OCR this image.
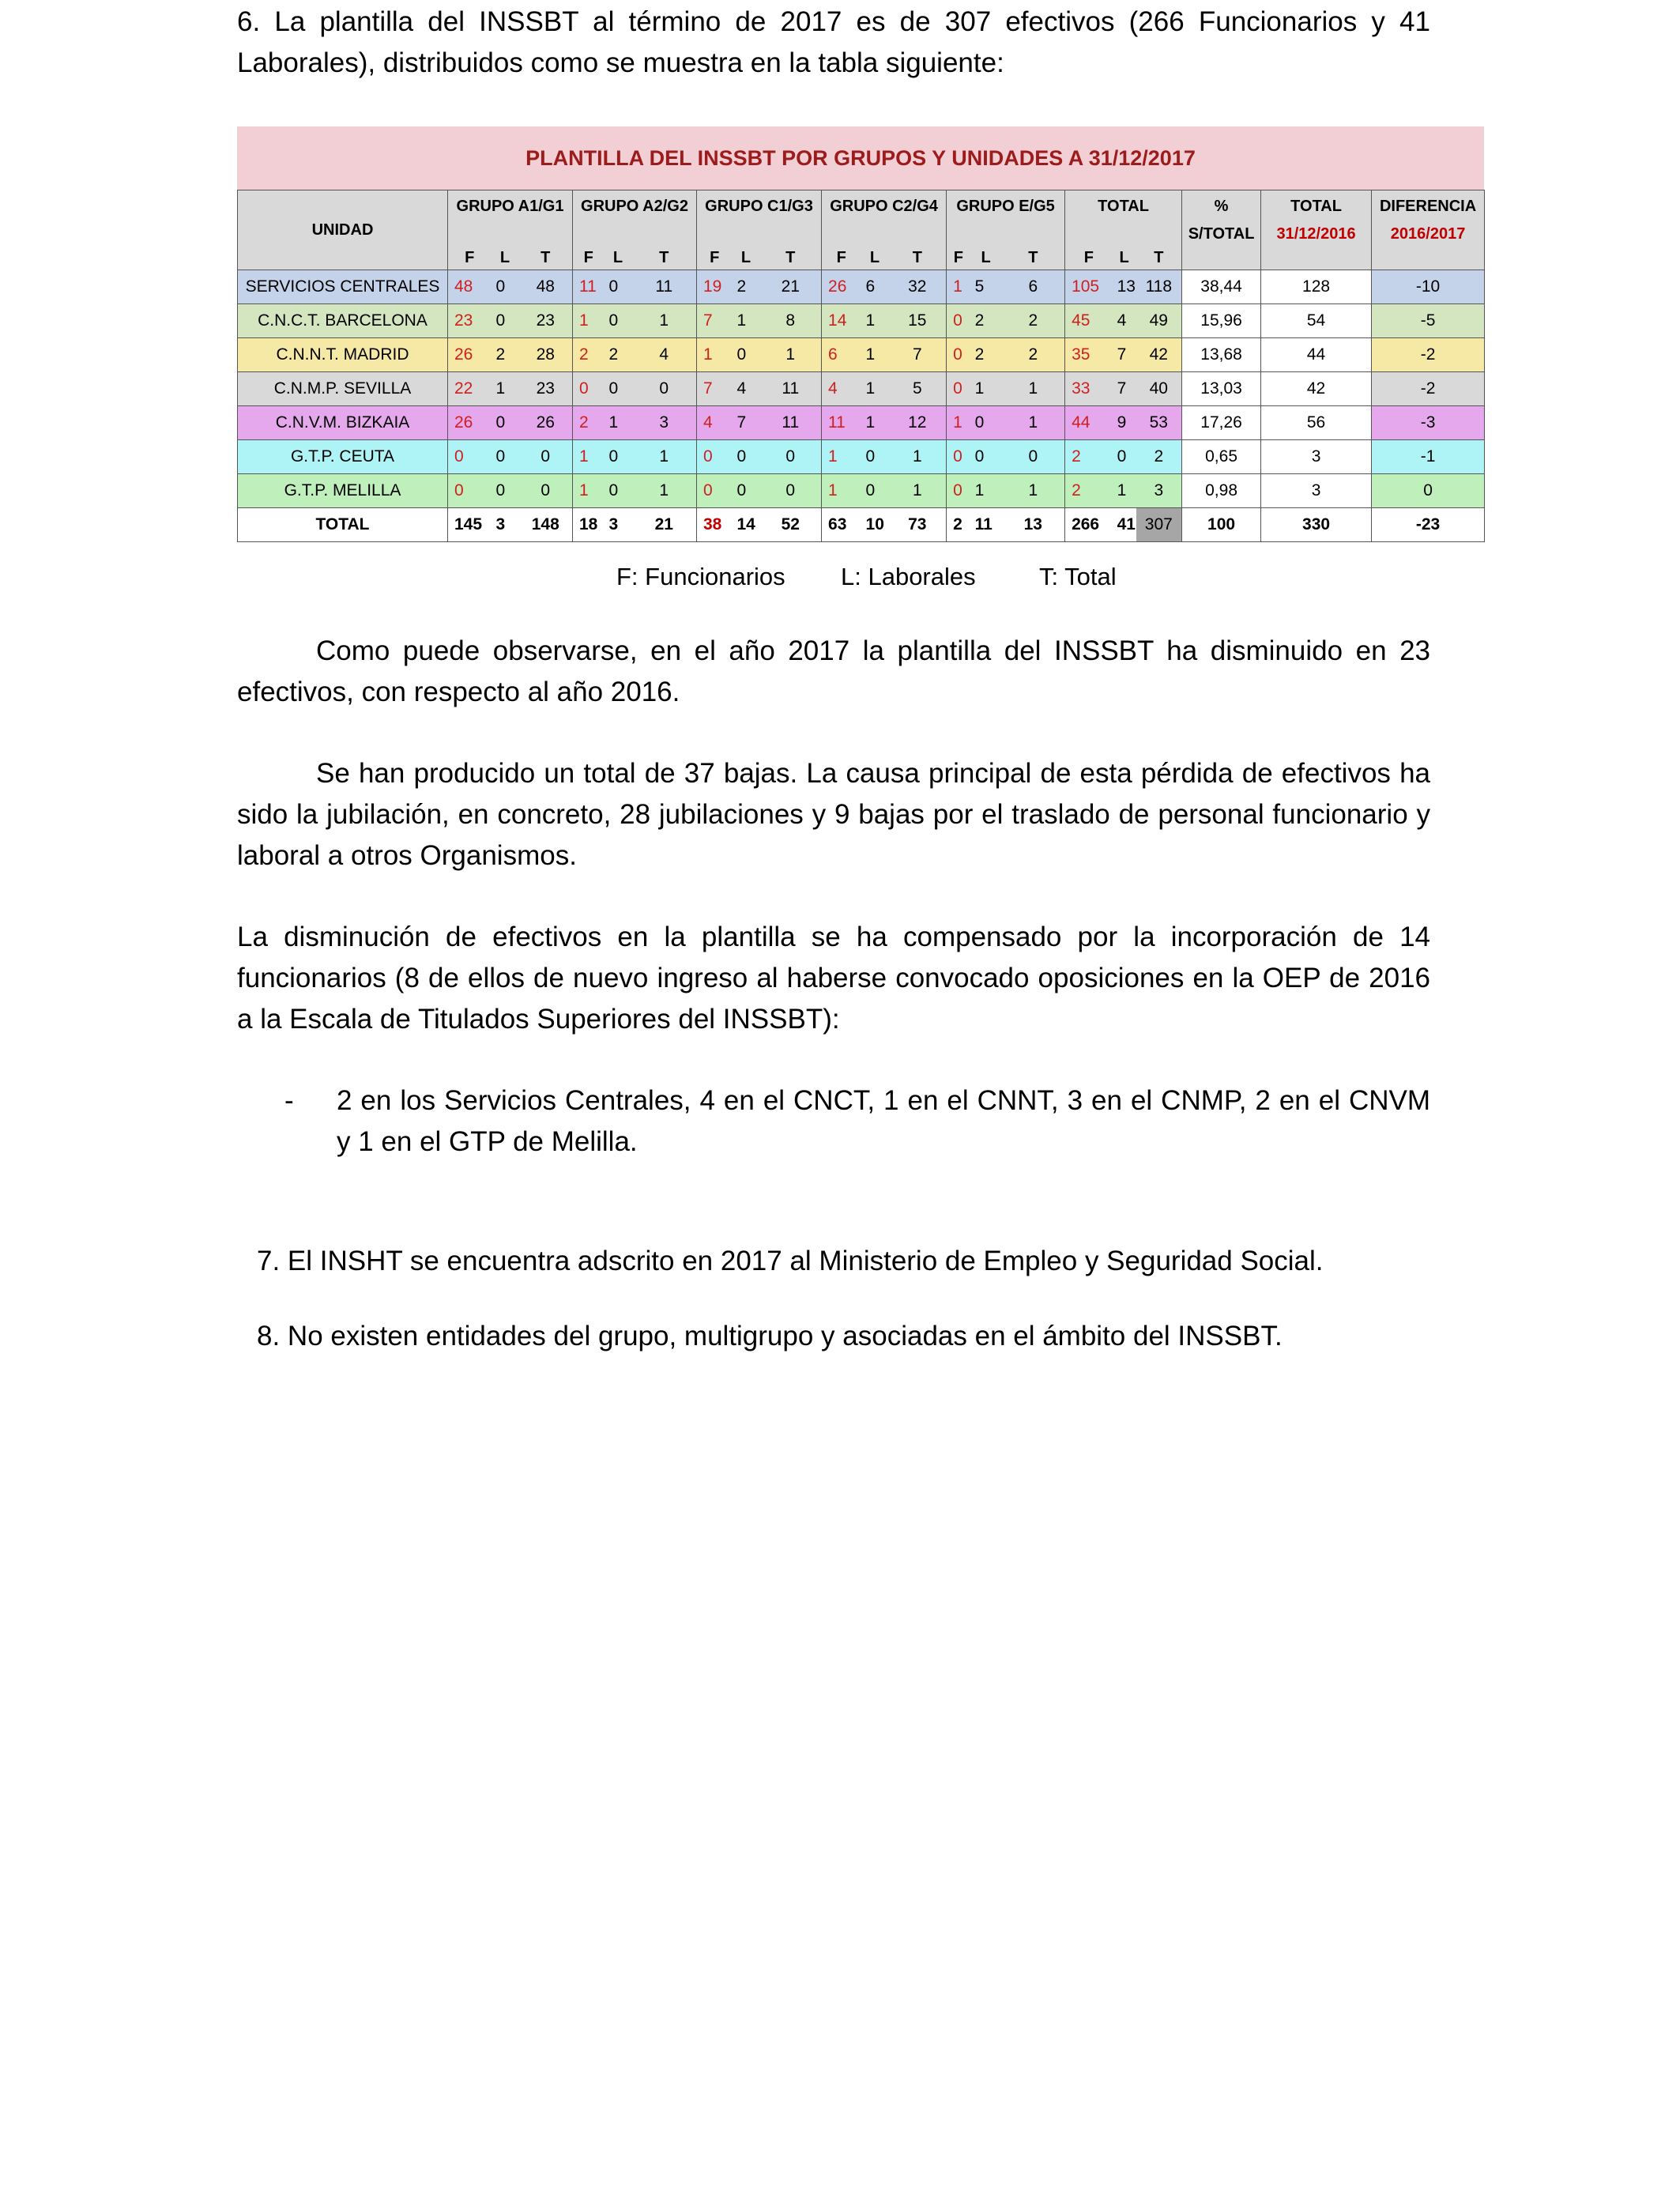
6. La plantilla del INSSBT al término de 2017 es de 307 efectivos (266 Funcionarios y 41 Laborales), distribuidos como se muestra en la tabla siguiente:
PLANTILLA DEL INSSBT POR GRUPOS Y UNIDADES A 31/12/2017
UNIDAD	GRUPO A1/G1			GRUPO A2/G2			GRUPO C1/G3			GRUPO C2/G4			GRUPO E/G5			TOTAL			%	TOTAL	DIFERENCIA
																			S/TOTAL	31/12/2016	2016/2017
	F	L	T	F	L	T	F	L	T	F	L	T	F	L	T	F	L	T			
SERVICIOS CENTRALES	48	0	48	11	0	11	19	2	21	26	6	32	1	5	6	105	13	118	38,44	128	-10
C.N.C.T. BARCELONA	23	0	23	1	0	1	7	1	8	14	1	15	0	2	2	45	4	49	15,96	54	-5
C.N.N.T. MADRID	26	2	28	2	2	4	1	0	1	6	1	7	0	2	2	35	7	42	13,68	44	-2
C.N.M.P. SEVILLA	22	1	23	0	0	0	7	4	11	4	1	5	0	1	1	33	7	40	13,03	42	-2
C.N.V.M. BIZKAIA	26	0	26	2	1	3	4	7	11	11	1	12	1	0	1	44	9	53	17,26	56	-3
G.T.P. CEUTA	0	0	0	1	0	1	0	0	0	1	0	1	0	0	0	2	0	2	0,65	3	-1
G.T.P. MELILLA	0	0	0	1	0	1	0	0	0	1	0	1	0	1	1	2	1	3	0,98	3	0
TOTAL	145	3	148	18	3	21	38	14	52	63	10	73	2	11	13	266	41	307	100	330	-23
F: Funcionarios L: Laborales	T: Total
Como puede observarse, en el año 2017 la plantilla del INSSBT ha disminuido en 23 efectivos, con respecto al año 2016.
Se han producido un total de 37 bajas. La causa principal de esta pérdida de efectivos ha sido la jubilación, en concreto, 28 jubilaciones y 9 bajas por el traslado de personal funcionario y laboral a otros Organismos.
La disminución de efectivos en la plantilla se ha compensado por la incorporación de 14 funcionarios (8 de ellos de nuevo ingreso al haberse convocado oposiciones en la OEP de 2016 a la Escala de Titulados Superiores del INSSBT):
- 2 en los Servicios Centrales, 4 en el CNCT, 1 en el CNNT, 3 en el CNMP, 2 en el CNVM y 1 en el GTP de Melilla.
7. El INSHT se encuentra adscrito en 2017 al Ministerio de Empleo y Seguridad Social.
8. No existen entidades del grupo, multigrupo y asociadas en el ámbito del INSSBT.
